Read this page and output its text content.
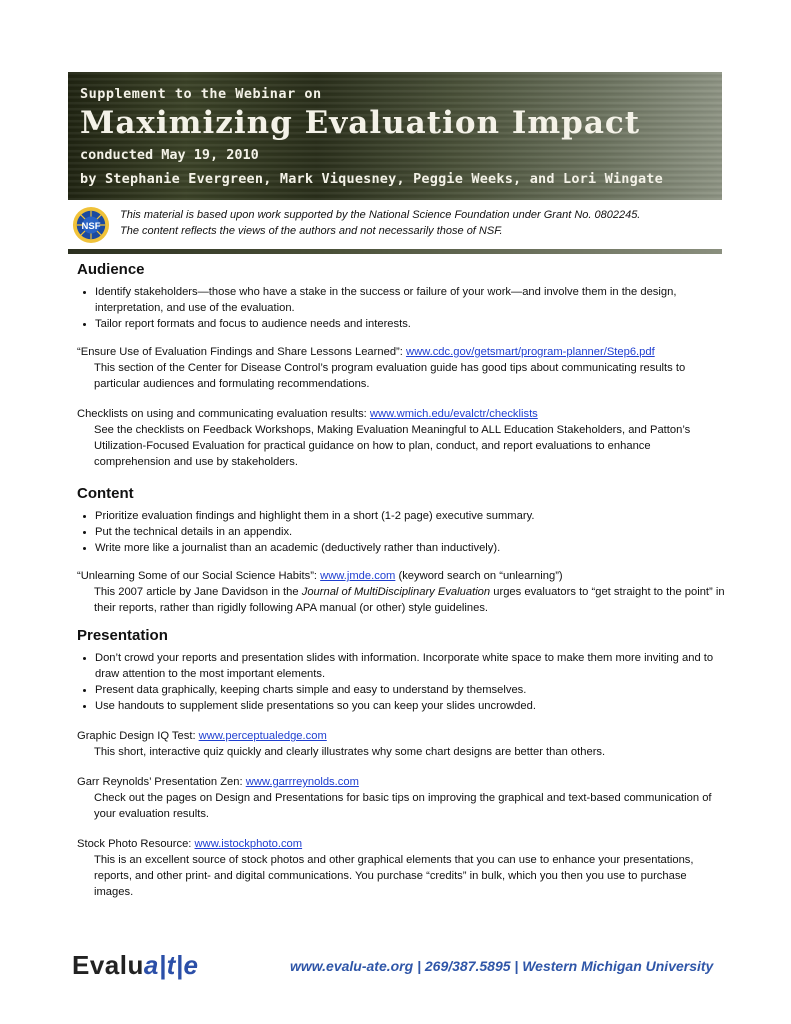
Supplement to the Webinar on
Maximizing Evaluation Impact
conducted May 19, 2010
by Stephanie Evergreen, Mark Viquesney, Peggie Weeks, and Lori Wingate
NSF
This material is based upon work supported by the National Science Foundation under Grant No. 0802245.
The content reflects the views of the authors and not necessarily those of NSF.
Audience
• Identify stakeholders—those who have a stake in the success or failure of your work—and involve them in the design, interpretation, and use of the evaluation.
• Tailor report formats and focus to audience needs and interests.
“Ensure Use of Evaluation Findings and Share Lessons Learned”: www.cdc.gov/getsmart/program-planner/Step6.pdf
This section of the Center for Disease Control’s program evaluation guide has good tips about communicating results to particular audiences and formulating recommendations.
Checklists on using and communicating evaluation results: www.wmich.edu/evalctr/checklists
See the checklists on Feedback Workshops, Making Evaluation Meaningful to ALL Education Stakeholders, and Patton’s Utilization-Focused Evaluation for practical guidance on how to plan, conduct, and report evaluations to enhance comprehension and use by stakeholders.
Content
• Prioritize evaluation findings and highlight them in a short (1-2 page) executive summary.
• Put the technical details in an appendix.
• Write more like a journalist than an academic (deductively rather than inductively).
“Unlearning Some of our Social Science Habits”: www.jmde.com (keyword search on “unlearning”)
This 2007 article by Jane Davidson in the Journal of MultiDisciplinary Evaluation urges evaluators to “get straight to the point” in their reports, rather than rigidly following APA manual (or other) style guidelines.
Presentation
• Don’t crowd your reports and presentation slides with information. Incorporate white space to make them more inviting and to draw attention to the most important elements.
• Present data graphically, keeping charts simple and easy to understand by themselves.
• Use handouts to supplement slide presentations so you can keep your slides uncrowded.
Graphic Design IQ Test: www.perceptualedge.com
This short, interactive quiz quickly and clearly illustrates why some chart designs are better than others.
Garr Reynolds’ Presentation Zen: www.garrreynolds.com
Check out the pages on Design and Presentations for basic tips on improving the graphical and text-based communication of your evaluation results.
Stock Photo Resource: www.istockphoto.com
This is an excellent source of stock photos and other graphical elements that you can use to enhance your presentations, reports, and other print- and digital communications. You purchase “credits” in bulk, which you then you use to purchase images.
Evalua|t|e	www.evalu-ate.org | 269/387.5895 | Western Michigan University
